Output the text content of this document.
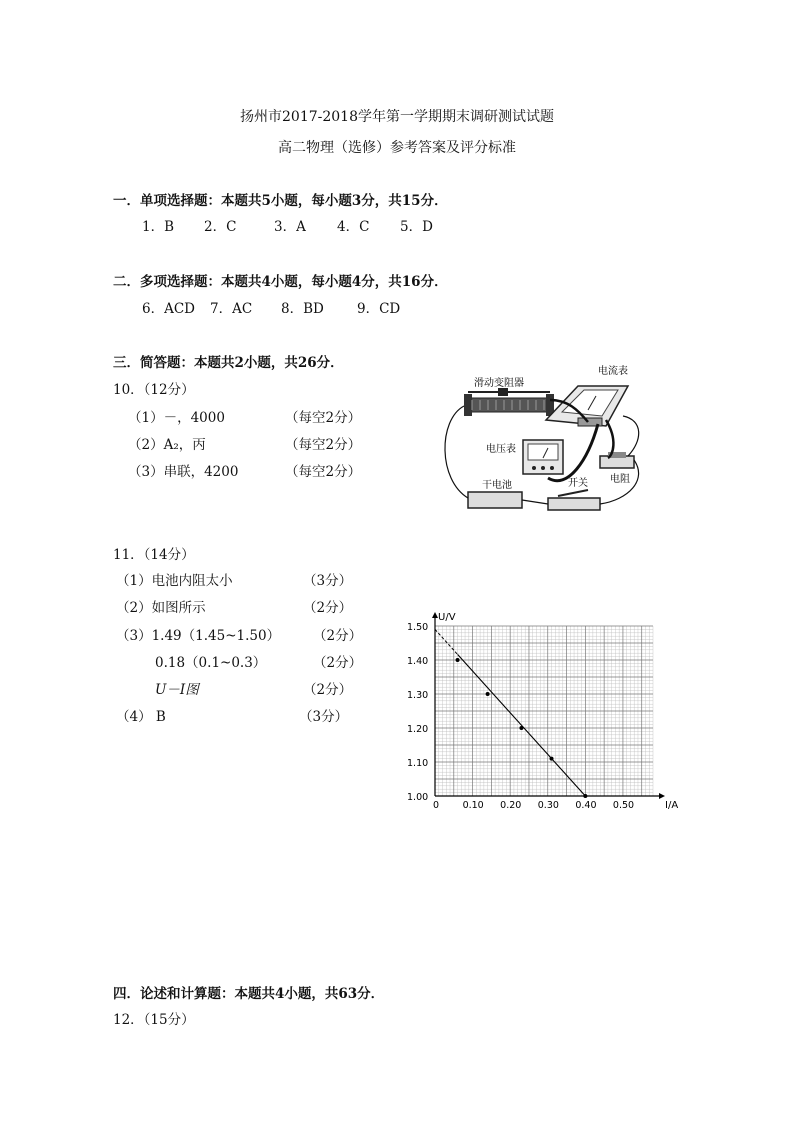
扬州市2017-2018学年第一学期期末调研测试试题
高二物理（选修）参考答案及评分标准
一．单项选择题：本题共5小题，每小题3分，共15分．
1．B 2．C	3．A 4．C 5．D
二．多项选择题：本题共4小题，每小题4分，共16分．
6．ACD 7．AC 8．BD 9．CD
三．简答题：本题共2小题，共26分．
10．（12分）
（1）－，4000	（每空2分）
（2）A₂，丙	（每空2分）
（3）串联，4200	（每空2分）
滑动变阻器
电流表
电压表
干电池	开关 电阻
11．（14分）
（1）电池内阻太小	（3分）
（2）如图所示	（2分）
（3）1.49（1.45~1.50） （2分）
0.18（0.1~0.3）	（2分）
U－I图	（2分）
（4） B	（3分）
0 0.10 0.20 0.30 0.40 0.50
1.00
1.10
1.20
1.30
1.40
1.50
U/V
I/A
四．论述和计算题：本题共4小题，共63分．
12．（15分）
